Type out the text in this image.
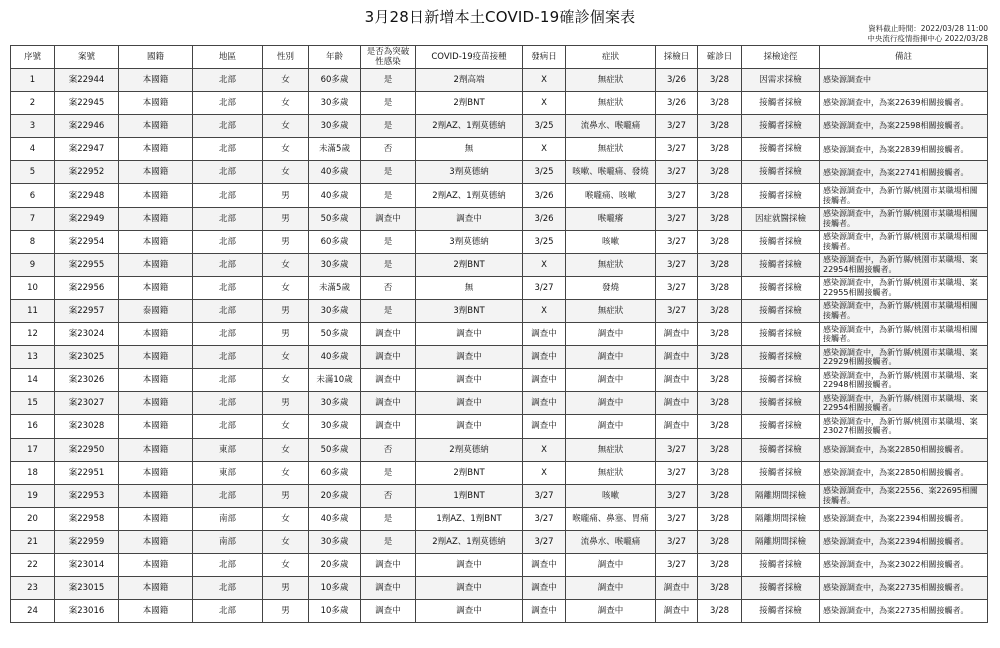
3月28日新增本土COVID-19確診個案表
資料截止時間：2022/03/28 11:00
中央流行疫情指揮中心 2022/03/28
序號	案號	國籍	地區	性別	年齡	是否為突破性感染	COVID-19疫苗接種	發病日	症狀	採檢日	確診日	採檢途徑	備註
1	案22944	本國籍	北部	女	60多歲	是	2劑高端	X	無症狀	3/26	3/28	因需求採檢	感染源調查中
2	案22945	本國籍	北部	女	30多歲	是	2劑BNT	X	無症狀	3/26	3/28	接觸者採檢	感染源調查中，為案22639相關接觸者。
3	案22946	本國籍	北部	女	30多歲	是	2劑AZ、1劑莫德納	3/25	流鼻水、喉嚨痛	3/27	3/28	接觸者採檢	感染源調查中，為案22598相關接觸者。
4	案22947	本國籍	北部	女	未滿5歲	否	無	X	無症狀	3/27	3/28	接觸者採檢	感染源調查中，為案22839相關接觸者。
5	案22952	本國籍	北部	女	40多歲	是	3劑莫德納	3/25	咳嗽、喉嚨痛、發燒	3/27	3/28	接觸者採檢	感染源調查中，為案22741相關接觸者。
6	案22948	本國籍	北部	男	40多歲	是	2劑AZ、1劑莫德納	3/26	喉嚨痛、咳嗽	3/27	3/28	接觸者採檢	感染源調查中，為新竹縣/桃園市某職場相關接觸者。
7	案22949	本國籍	北部	男	50多歲	調查中	調查中	3/26	喉嚨癢	3/27	3/28	因症就醫採檢	感染源調查中，為新竹縣/桃園市某職場相關接觸者。
8	案22954	本國籍	北部	男	60多歲	是	3劑莫德納	3/25	咳嗽	3/27	3/28	接觸者採檢	感染源調查中，為新竹縣/桃園市某職場相關接觸者。
9	案22955	本國籍	北部	女	30多歲	是	2劑BNT	X	無症狀	3/27	3/28	接觸者採檢	感染源調查中，為新竹縣/桃園市某職場、案22954相關接觸者。
10	案22956	本國籍	北部	女	未滿5歲	否	無	3/27	發燒	3/27	3/28	接觸者採檢	感染源調查中，為新竹縣/桃園市某職場、案22955相關接觸者。
11	案22957	泰國籍	北部	男	30多歲	是	3劑BNT	X	無症狀	3/27	3/28	接觸者採檢	感染源調查中，為新竹縣/桃園市某職場相關接觸者。
12	案23024	本國籍	北部	男	50多歲	調查中	調查中	調查中	調查中	調查中	3/28	接觸者採檢	感染源調查中，為新竹縣/桃園市某職場相關接觸者。
13	案23025	本國籍	北部	女	40多歲	調查中	調查中	調查中	調查中	調查中	3/28	接觸者採檢	感染源調查中，為新竹縣/桃園市某職場、案22929相關接觸者。
14	案23026	本國籍	北部	女	未滿10歲	調查中	調查中	調查中	調查中	調查中	3/28	接觸者採檢	感染源調查中，為新竹縣/桃園市某職場、案22948相關接觸者。
15	案23027	本國籍	北部	男	30多歲	調查中	調查中	調查中	調查中	調查中	3/28	接觸者採檢	感染源調查中，為新竹縣/桃園市某職場、案22954相關接觸者。
16	案23028	本國籍	北部	女	30多歲	調查中	調查中	調查中	調查中	調查中	3/28	接觸者採檢	感染源調查中，為新竹縣/桃園市某職場、案23027相關接觸者。
17	案22950	本國籍	東部	女	50多歲	否	2劑莫德納	X	無症狀	3/27	3/28	接觸者採檢	感染源調查中，為案22850相關接觸者。
18	案22951	本國籍	東部	女	60多歲	是	2劑BNT	X	無症狀	3/27	3/28	接觸者採檢	感染源調查中，為案22850相關接觸者。
19	案22953	本國籍	北部	男	20多歲	否	1劑BNT	3/27	咳嗽	3/27	3/28	隔離期間採檢	感染源調查中，為案22556、案22695相關接觸者。
20	案22958	本國籍	南部	女	40多歲	是	1劑AZ、1劑BNT	3/27	喉嚨痛、鼻塞、胃痛	3/27	3/28	隔離期間採檢	感染源調查中，為案22394相關接觸者。
21	案22959	本國籍	南部	女	30多歲	是	2劑AZ、1劑莫德納	3/27	流鼻水、喉嚨痛	3/27	3/28	隔離期間採檢	感染源調查中，為案22394相關接觸者。
22	案23014	本國籍	北部	女	20多歲	調查中	調查中	調查中	調查中	3/27	3/28	接觸者採檢	感染源調查中，為案23022相關接觸者。
23	案23015	本國籍	北部	男	10多歲	調查中	調查中	調查中	調查中	調查中	3/28	接觸者採檢	感染源調查中，為案22735相關接觸者。
24	案23016	本國籍	北部	男	10多歲	調查中	調查中	調查中	調查中	調查中	3/28	接觸者採檢	感染源調查中，為案22735相關接觸者。
